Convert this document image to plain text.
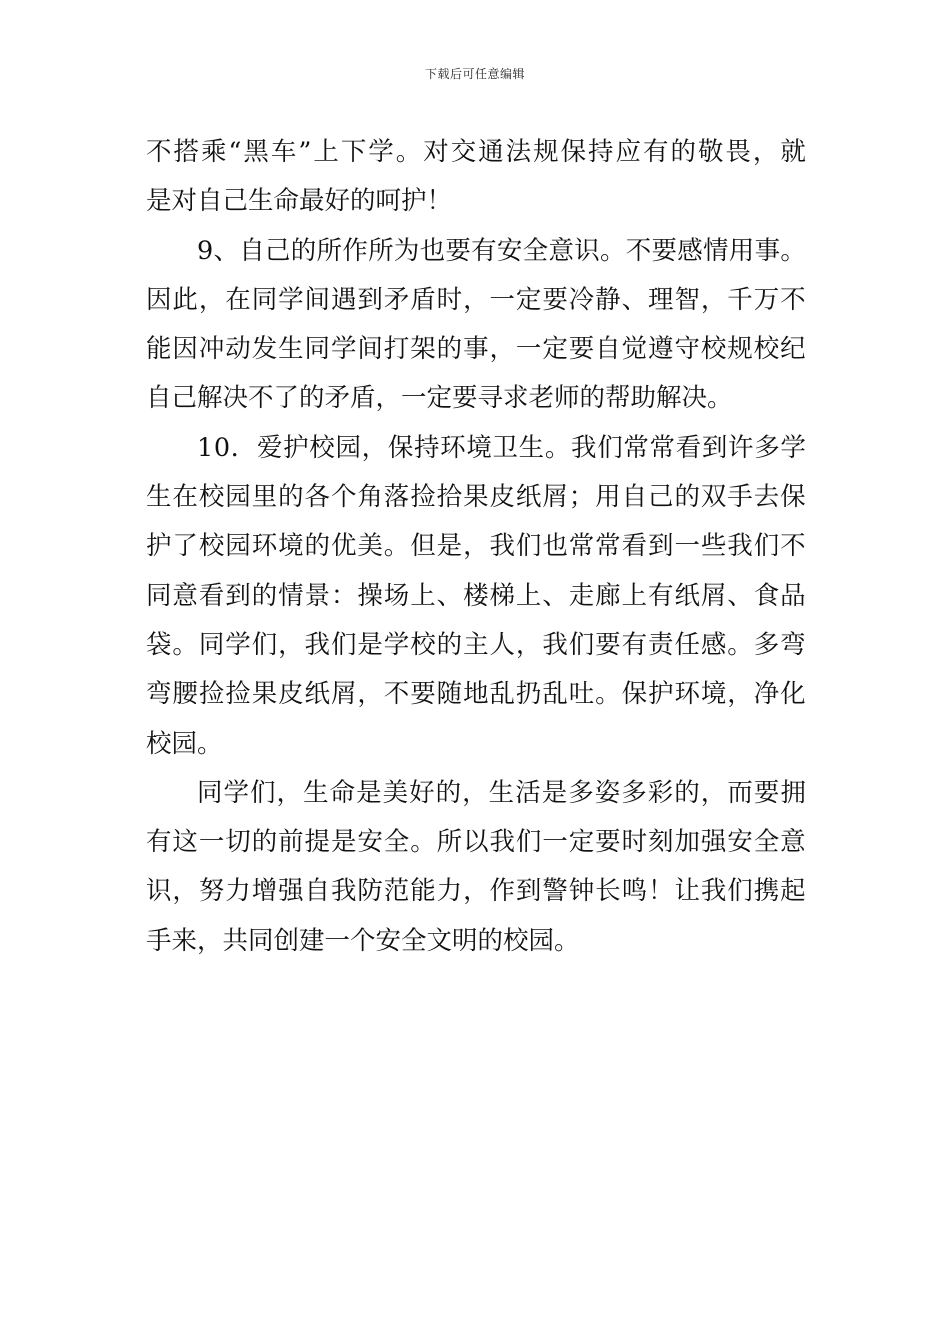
下载后可任意编辑
不 搭 乘 “ 黑 车 ” 上 下 学 。 对 交 通 法 规 保 持 应 有 的 敬 畏 ， 就
是对自己生命最好的呵护！
9 、 自 己 的 所 作 所 为 也 要 有 安 全 意 识 。 不 要 感 情 用 事 。
因 此 ， 在 同 学 间 遇 到 矛 盾 时 ， 一 定 要 冷 静 、 理 智 ， 千 万 不
能 因 冲 动 发 生 同 学 间 打 架 的 事 ， 一 定 要 自 觉 遵 守 校 规 校 纪
自己解决不了的矛盾，一定要寻求老师的帮助解决。
1 0 ． 爱 护 校 园 ， 保 持 环 境 卫 生 。 我 们 常 常 看 到 许 多 学
生 在 校 园 里 的 各 个 角 落 捡 拾 果 皮 纸 屑 ； 用 自 己 的 双 手 去 保
护 了 校 园 环 境 的 优 美 。 但 是 ， 我 们 也 常 常 看 到 一 些 我 们 不
同 意 看 到 的 情 景 ： 操 场 上 、 楼 梯 上 、 走 廊 上 有 纸 屑 、 食 品
袋 。 同 学 们 ， 我 们 是 学 校 的 主 人 ， 我 们 要 有 责 任 感 。 多 弯
弯 腰 捡 捡 果 皮 纸 屑 ， 不 要 随 地 乱 扔 乱 吐 。 保 护 环 境 ， 净 化
校园。
同 学 们 ， 生 命 是 美 好 的 ， 生 活 是 多 姿 多 彩 的 ， 而 要 拥
有 这 一 切 的 前 提 是 安 全 。 所 以 我 们 一 定 要 时 刻 加 强 安 全 意
识 ， 努 力 增 强 自 我 防 范 能 力 ， 作 到 警 钟 长 鸣 ！ 让 我 们 携 起
手来，共同创建一个安全文明的校园。
